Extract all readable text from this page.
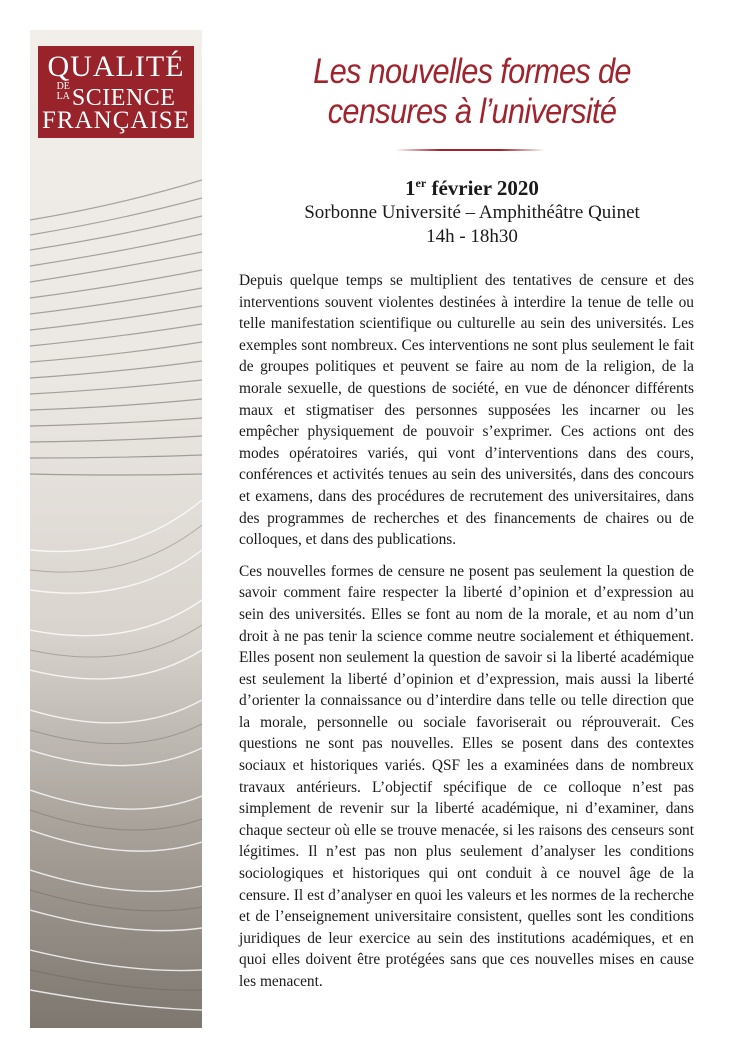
QUALITÉ
DE
LASCIENCE
FRANÇAISE
Les nouvelles formes de
censures à l’université
1er février 2020
Sorbonne Université – Amphithéâtre Quinet
14h - 18h30

Depuis quelque temps se multiplient des tentatives de censure et des interventions souvent violentes destinées à interdire la tenue de telle ou telle manifestation scientifique ou culturelle au sein des universités. Les exemples sont nombreux. Ces interventions ne sont plus seulement le fait de groupes politiques et peuvent se faire au nom de la religion, de la morale sexuelle, de questions de société, en vue de dénoncer différents maux et stigmatiser des personnes supposées les incarner ou les empêcher physiquement de pouvoir s’exprimer. Ces actions ont des modes opératoires variés, qui vont d’interventions dans des cours, conférences et activités tenues au sein des universités, dans des concours et examens, dans des procédures de recrutement des universitaires, dans des programmes de recherches et des financements de chaires ou de colloques, et dans des publications.

Ces nouvelles formes de censure ne posent pas seulement la question de savoir comment faire respecter la liberté d’opinion et d’expression au sein des universités. Elles se font au nom de la morale, et au nom d’un droit à ne pas tenir la science comme neutre socialement et éthiquement. Elles posent non seulement la question de savoir si la liberté académique est seulement la liberté d’opinion et d’expression, mais aussi la liberté d’orienter la connaissance ou d’interdire dans telle ou telle direction que la morale, personnelle ou sociale favoriserait ou réprouverait. Ces questions ne sont pas nouvelles. Elles se posent dans des contextes sociaux et historiques variés. QSF les a examinées dans de nombreux travaux antérieurs. L’objectif spécifique de ce colloque n’est pas simplement de revenir sur la liberté académique, ni d’examiner, dans chaque secteur où elle se trouve menacée, si les raisons des censeurs sont légitimes. Il n’est pas non plus seulement d’analyser les conditions sociologiques et historiques qui ont conduit à ce nouvel âge de la censure. Il est d’analyser en quoi les valeurs et les normes de la recherche et de l’enseignement universitaire consistent, quelles sont les conditions juridiques de leur exercice au sein des institutions académiques, et en quoi elles doivent être protégées sans que ces nouvelles mises en cause les menacent.
